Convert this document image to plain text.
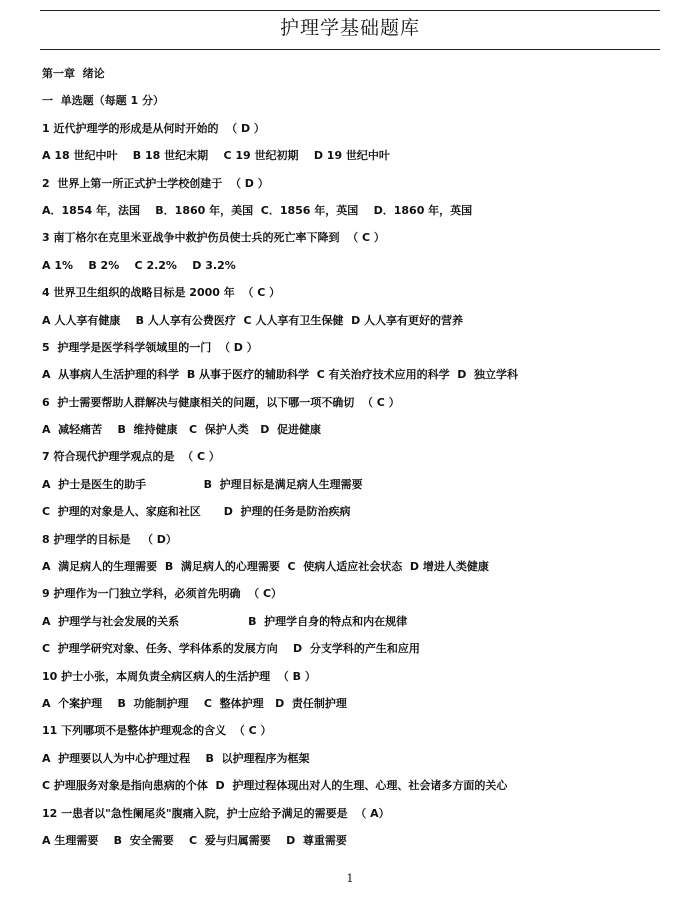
护理学基础题库
第一章  绪论
一  单选题（每题 1 分）
1 近代护理学的形成是从何时开始的  （ D ）
A 18 世纪中叶    B 18 世纪末期    C 19 世纪初期    D 19 世纪中叶
2  世界上第一所正式护士学校创建于  （ D ）
A．1854 年，法国    B．1860 年，美国  C．1856 年，英国    D．1860 年，英国
3 南丁格尔在克里米亚战争中救护伤员使士兵的死亡率下降到  （ C ）
A 1%    B 2%    C 2.2%    D 3.2%
4 世界卫生组织的战略目标是 2000 年  （ C ）
A 人人享有健康    B 人人享有公费医疗  C 人人享有卫生保健  D 人人享有更好的营养
5  护理学是医学科学领域里的一门  （ D ）
A  从事病人生活护理的科学  B 从事于医疗的辅助科学  C 有关治疗技术应用的科学  D  独立学科
6  护士需要帮助人群解决与健康相关的问题，以下哪一项不确切  （ C ）
A  减轻痛苦    B  维持健康   C  保护人类   D  促进健康
7 符合现代护理学观点的是  （ C ）
A  护士是医生的助手               B  护理目标是满足病人生理需要
C  护理的对象是人、家庭和社区      D  护理的任务是防治疾病
8 护理学的目标是   （ D）
A  满足病人的生理需要  B  满足病人的心理需要  C  使病人适应社会状态  D 增进人类健康
9 护理作为一门独立学科，必须首先明确  （ C）
A  护理学与社会发展的关系                  B  护理学自身的特点和内在规律
C  护理学研究对象、任务、学科体系的发展方向    D  分支学科的产生和应用
10 护士小张，本周负责全病区病人的生活护理  （ B ）
A  个案护理    B  功能制护理    C  整体护理   D  责任制护理
11 下列哪项不是整体护理观念的含义  （ C ）
A  护理要以人为中心护理过程    B  以护理程序为框架
C 护理服务对象是指向患病的个体  D  护理过程体现出对人的生理、心理、社会诸多方面的关心
12 一患者以"急性阑尾炎"腹痛入院，护士应给予满足的需要是  （ A）
A 生理需要    B  安全需要    C  爱与归属需要    D  尊重需要
1
